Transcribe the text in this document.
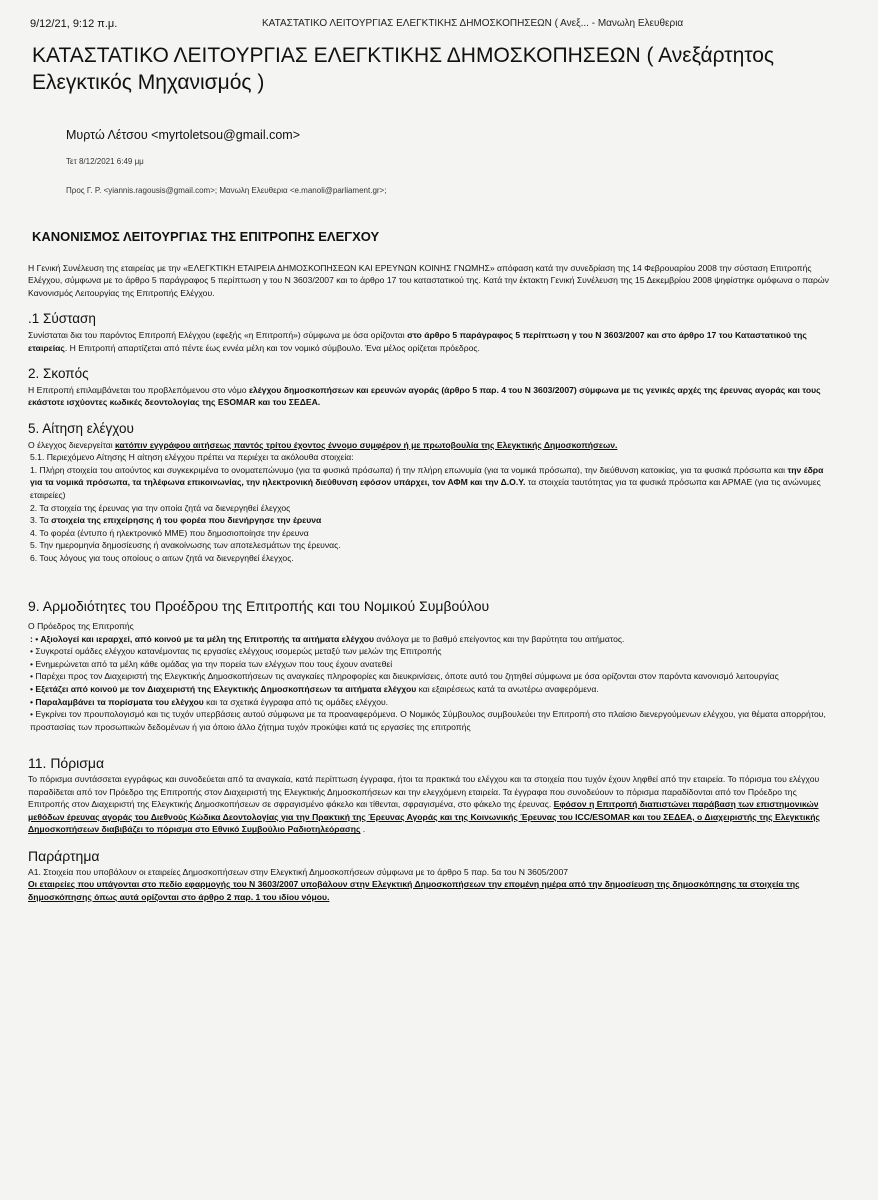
9/12/21, 9:12 π.μ.	ΚΑΤΑΣΤΑΤΙΚΟ ΛΕΙΤΟΥΡΓΙΑΣ ΕΛΕΓΚΤΙΚΗΣ ΔΗΜΟΣΚΟΠΗΣΕΩΝ ( Ανεξ... - Μανωλη Ελευθερια
ΚΑΤΑΣΤΑΤΙΚΟ ΛΕΙΤΟΥΡΓΙΑΣ ΕΛΕΓΚΤΙΚΗΣ ΔΗΜΟΣΚΟΠΗΣΕΩΝ ( Ανεξάρτητος Ελεγκτικός Μηχανισμός )
Μυρτώ Λέτσου <myrtoletsou@gmail.com>
Τετ 8/12/2021 6:49 μμ
Προς Γ. Ρ. <yiannis.ragousis@gmail.com>; Μανωλη Ελευθερια <e.manoli@parliament.gr>;

ΚΑΝΟΝΙΣΜΟΣ ΛΕΙΤΟΥΡΓΙΑΣ ΤΗΣ ΕΠΙΤΡΟΠΗΣ ΕΛΕΓΧΟΥ

Η Γενική Συνέλευση της εταιρείας με την «ΕΛΕΓΚΤΙΚΗ ΕΤΑΙΡΕΙΑ ΔΗΜΟΣΚΟΠΗΣΕΩΝ ΚΑΙ ΕΡΕΥΝΩΝ ΚΟΙΝΗΣ ΓΝΩΜΗΣ» απόφαση κατά την συνεδρίαση της 14 Φεβρουαρίου 2008 την σύσταση Επιτροπής Ελέγχου, σύμφωνα με το άρθρο 5 παράγραφος 5 περίπτωση γ του Ν 3603/2007 και το άρθρο 17 του καταστατικού της. Κατά την έκτακτη Γενική Συνέλευση της 15 Δεκεμβρίου 2008 ψηφίστηκε ομόφωνα ο παρών Κανονισμός Λειτουργίας της Επιτροπής Ελέγχου.

.1 Σύσταση

Συνίσταται δια του παρόντος Επιτροπή Ελέγχου (εφεξής «η Επιτροπή») σύμφωνα με όσα ορίζονται στο άρθρο 5 παράγραφος 5 περίπτωση γ του Ν 3603/2007 και στο άρθρο 17 του Καταστατικού της εταιρείας. Η Επιτροπή απαρτίζεται από πέντε έως εννέα μέλη και τον νομικό σύμβουλο. Ένα μέλος ορίζεται πρόεδρος.

2. Σκοπός

Η Επιτροπή επιλαμβάνεται του προβλεπόμενου στο νόμο ελέγχου δημοσκοπήσεων και ερευνών αγοράς (άρθρο 5 παρ. 4 του Ν 3603/2007) σύμφωνα με τις γενικές αρχές της έρευνας αγοράς και τους εκάστοτε ισχύοντες κωδικές δεοντολογίας της ESOMAR και του ΣΕΔΕΑ.

5. Αίτηση ελέγχου

Ο έλεγχος διενεργείται κατόπιν εγγράφου αιτήσεως παντός τρίτου έχοντος έννομο συμφέρον ή με πρωτοβουλία της Ελεγκτικής Δημοσκοπήσεων.

5.1. Περιεχόμενο Αίτησης Η αίτηση ελέγχου πρέπει να περιέχει τα ακόλουθα στοιχεία:

1. Πλήρη στοιχεία του αιτούντος και συγκεκριμένα το ονοματεπώνυμο (για τα φυσικά πρόσωπα) ή την πλήρη επωνυμία (για τα νομικά πρόσωπα), την διεύθυνση κατοικίας, για τα φυσικά πρόσωπα και την έδρα για τα νομικά πρόσωπα, τα τηλέφωνα επικοινωνίας, την ηλεκτρονική διεύθυνση εφόσον υπάρχει, τον ΑΦΜ και την Δ.Ο.Υ. τα στοιχεία ταυτότητας για τα φυσικά πρόσωπα και ΑΡΜΑΕ (για τις ανώνυμες εταιρείες)

2. Τα στοιχεία της έρευνας για την οποία ζητά να διενεργηθεί έλεγχος

3. Τα στοιχεία της επιχείρησης ή του φορέα που διενήργησε την έρευνα

4. Το φορέα (έντυπο ή ηλεκτρονικό ΜΜΕ) που δημοσιοποίησε την έρευνα

5. Την ημερομηνία δημοσίευσης ή ανακοίνωσης των αποτελεσμάτων της έρευνας.

6. Τους λόγους για τους οποίους ο αιτων ζητά να διενεργηθεί έλεγχος.

9. Αρμοδιότητες του Προέδρου της Επιτροπής και του Νομικού Συμβούλου

Ο Πρόεδρος της Επιτροπής

: • Αξιολογεί και ιεραρχεί, από κοινού με τα μέλη της Επιτροπής τα αιτήματα ελέγχου ανάλογα με το βαθμό επείγοντος και την βαρύτητα του αιτήματος.

• Συγκροτεί ομάδες ελέγχου κατανέμοντας τις εργασίες ελέγχους ισομερώς μεταξύ των μελών της Επιτροπής

• Ενημερώνεται από τα μέλη κάθε ομάδας για την πορεία των ελέγχων που τους έχουν ανατεθεί

• Παρέχει προς τον Διαχειριστή της Ελεγκτικής Δημοσκοπήσεων τις αναγκαίες πληροφορίες και διευκρινίσεις, όποτε αυτό του ζητηθεί σύμφωνα με όσα ορίζονται στον παρόντα κανονισμό λειτουργίας

• Εξετάζει από κοινού με τον Διαχειριστή της Ελεγκτικής Δημοσκοπήσεων τα αιτήματα ελέγχου και εξαιρέσεως κατά τα ανωτέρω αναφερόμενα.

• Παραλαμβάνει τα πορίσματα του ελέγχου και τα σχετικά έγγραφα από τις ομάδες ελέγχου.

• Εγκρίνει τον προυπολογισμό και τις τυχόν υπερβάσεις αυτού σύμφωνα με τα προαναφερόμενα. Ο Νομικός Σύμβουλος συμβουλεύει την Επιτροπή στο πλαίσιο διενεργούμενων ελέγχου, για θέματα απορρήτου, προστασίας των προσωπικών δεδομένων ή για όποιο άλλο ζήτημα τυχόν προκύψει κατά τις εργασίες της επιτροπής

11. Πόρισμα

Το πόρισμα συντάσσεται εγγράφως και συνοδεύεται από τα αναγκαία, κατά περίπτωση έγγραφα, ήτοι τα πρακτικά του ελέγχου και τα στοιχεία που τυχόν έχουν ληφθεί από την εταιρεία. Το πόρισμα του ελέγχου παραδίδεται από τον Πρόεδρο της Επιτροπής στον Διαχειριστή της Ελεγκτικής Δημοσκοπήσεων και την ελεγχόμενη εταιρεία. Τα έγγραφα που συνοδεύουν το πόρισμα παραδίδονται από τον Πρόεδρο της Επιτροπής στον Διαχειριστή της Ελεγκτικής Δημοσκοπήσεων σε σφραγισμένο φάκελο και τίθενται, σφραγισμένα, στο φάκελο της έρευνας. Εφόσον η Επιτροπή διαπιστώνει παράβαση των επιστημονικών μεθόδων έρευνας αγοράς του Διεθνούς Κώδικα Δεοντολογίας για την Πρακτική της Έρευνας Αγοράς και της Κοινωνικής Έρευνας του ICC/ESOMAR και του ΣΕΔΕΑ, ο Διαχειριστής της Ελεγκτικής Δημοσκοπήσεων διαβιβάζει το πόρισμα στο Εθνικό Συμβούλιο Ραδιοτηλεόρασης .

Παράρτημα

Α1. Στοιχεία που υποβάλουν οι εταιρείες Δημοσκοπήσεων στην Ελεγκτική Δημοσκοπήσεων σύμφωνα με το άρθρο 5 παρ. 5α του Ν 3605/2007

Οι εταιρείες που υπάγονται στο πεδίο εφαρμογής του Ν 3603/2007 υποβάλουν στην Ελεγκτική Δημοσκοπήσεων την επομένη ημέρα από την δημοσίευση της δημοσκόπησης τα στοιχεία της δημοσκόπησης όπως αυτά ορίζονται στο άρθρο 2 παρ. 1 του ιδίου νόμου.
